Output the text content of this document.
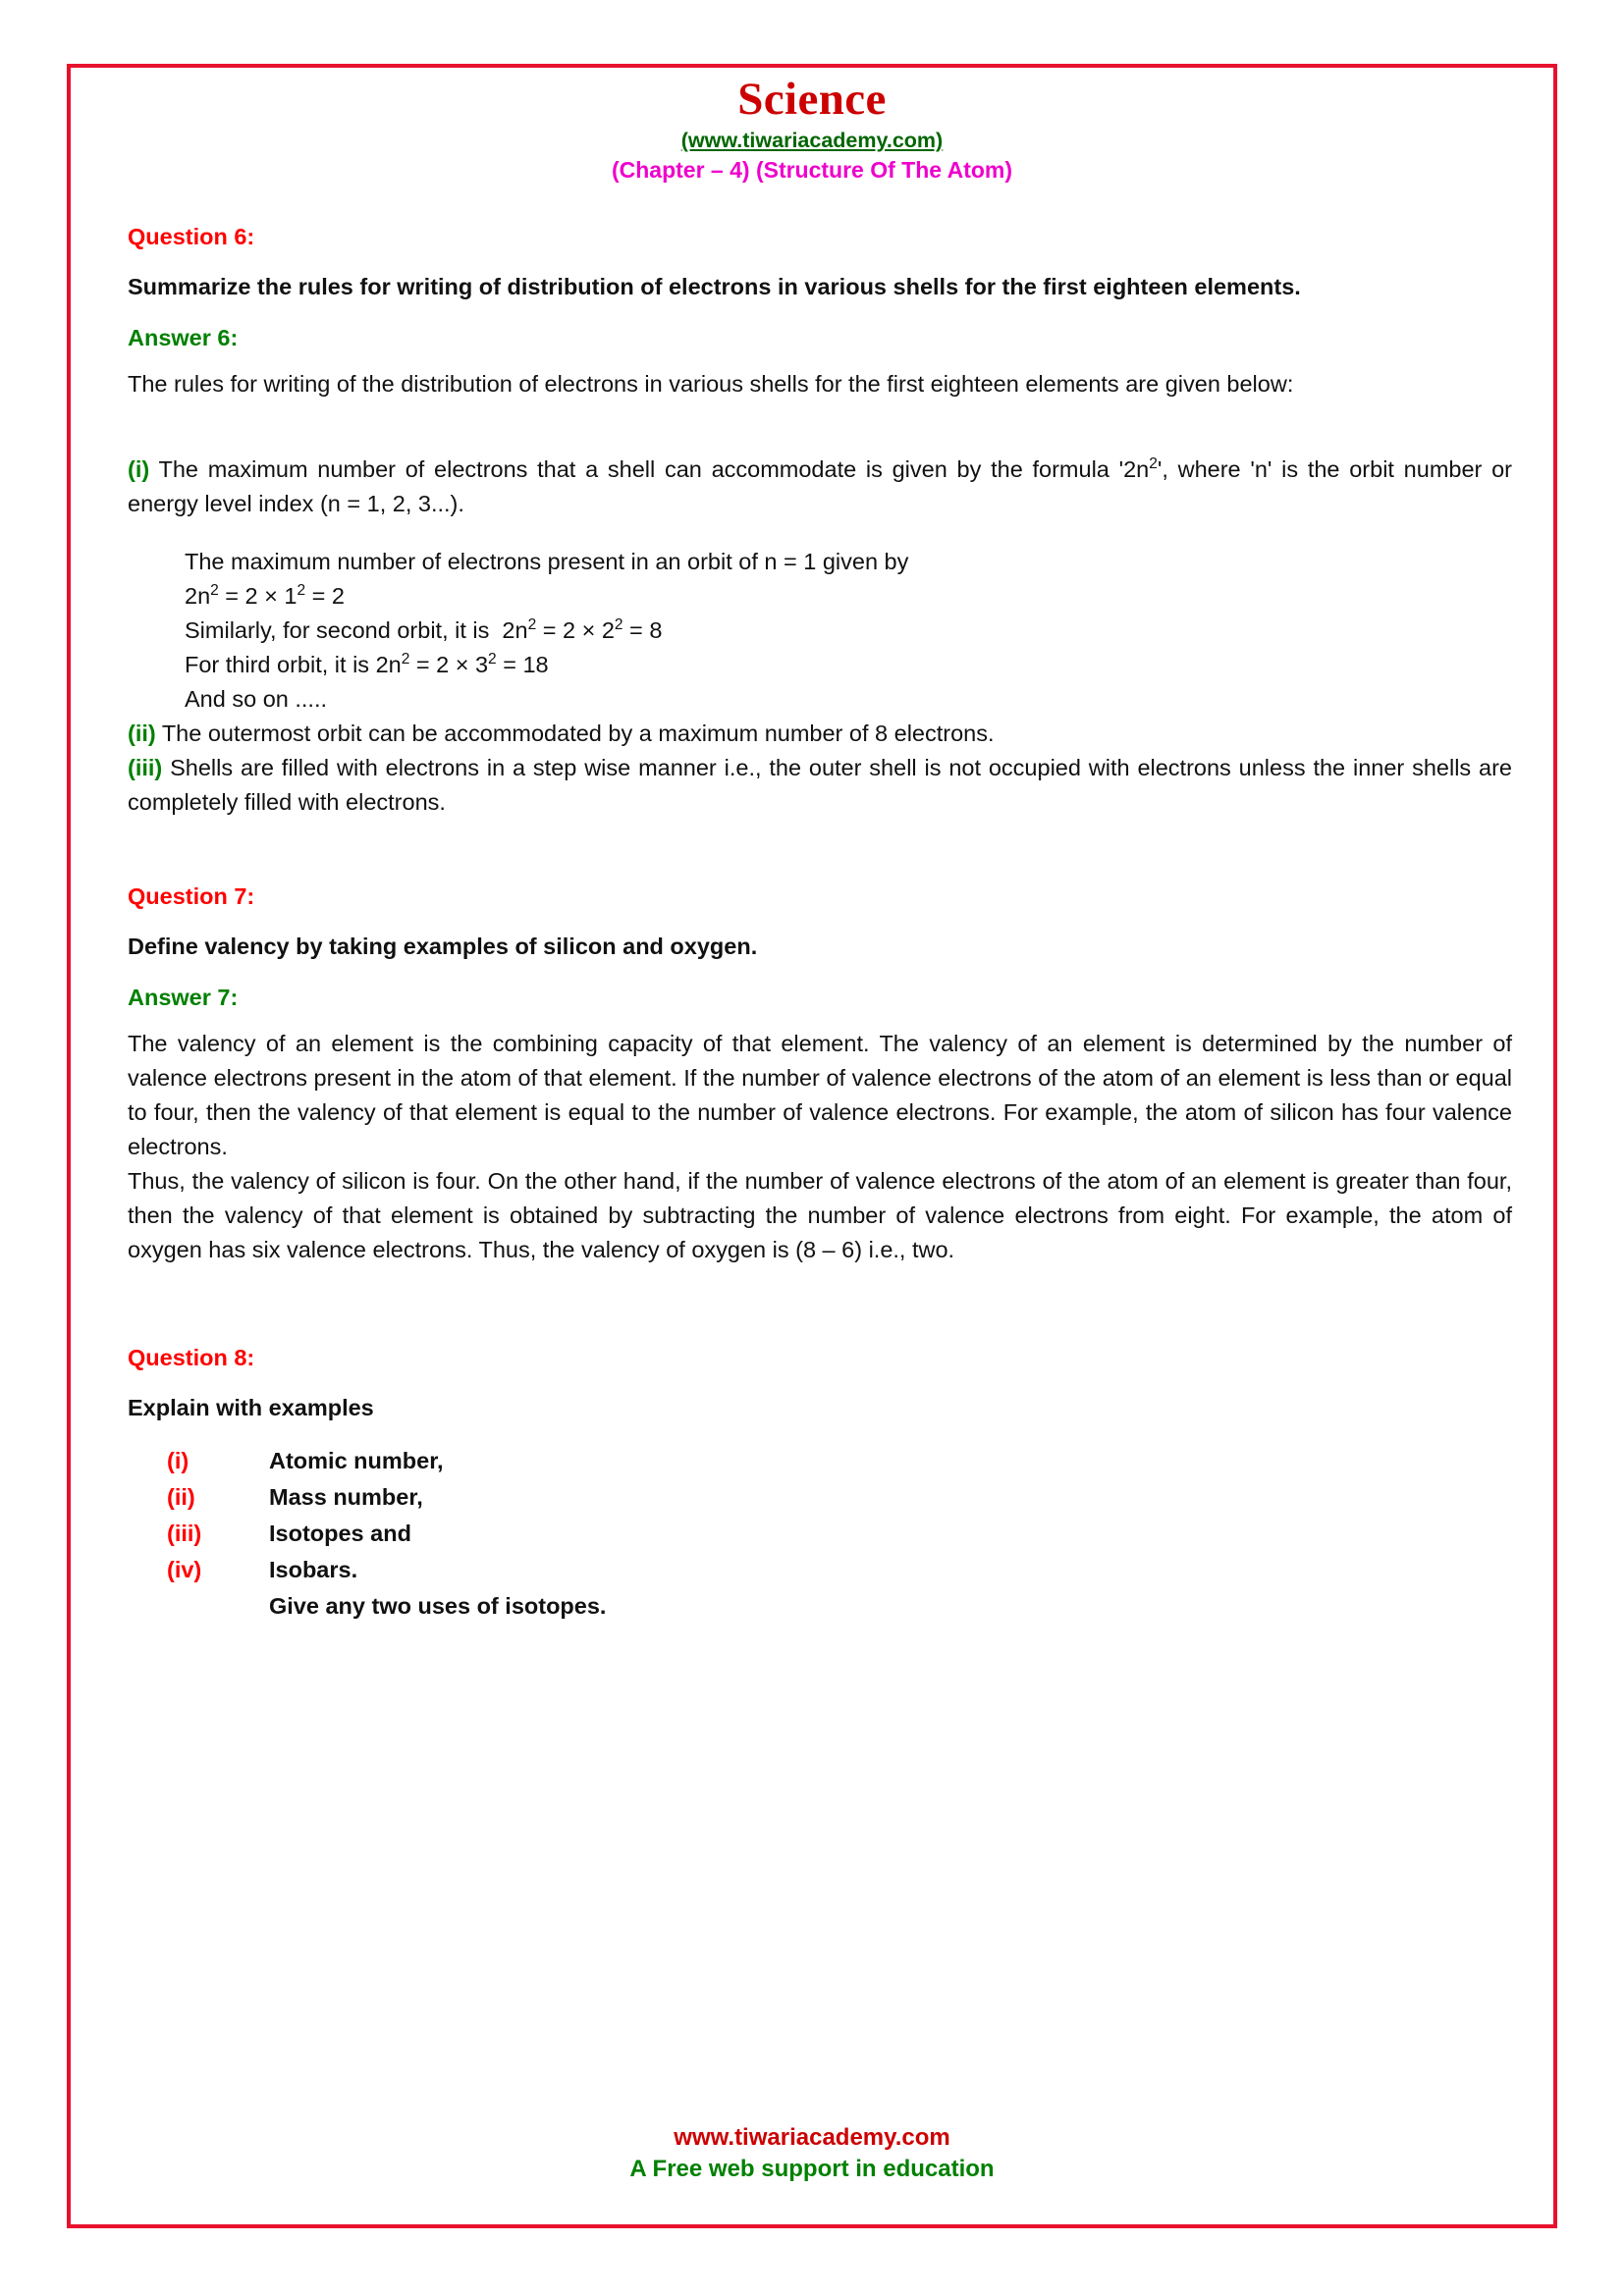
Science
(www.tiwariacademy.com)
(Chapter – 4) (Structure Of The Atom)
Question 6:
Summarize the rules for writing of distribution of electrons in various shells for the first eighteen elements.
Answer 6:
The rules for writing of the distribution of electrons in various shells for the first eighteen elements are given below:
(i) The maximum number of electrons that a shell can accommodate is given by the formula '$2n^2$', where 'n' is the orbit number or energy level index (n = 1, 2, 3...).
The maximum number of electrons present in an orbit of n = 1 given by
$2n^2 = 2 \times 1^2 = 2$
Similarly, for second orbit, it is  $2n^2 = 2 \times 2^2 = 8$
For third orbit, it is $2n^2 = 2 \times 3^2 = 18$
And so on .....
(ii) The outermost orbit can be accommodated by a maximum number of 8 electrons.
(iii) Shells are filled with electrons in a step wise manner i.e., the outer shell is not occupied with electrons unless the inner shells are completely filled with electrons.
Question 7:
Define valency by taking examples of silicon and oxygen.
Answer 7:
The valency of an element is the combining capacity of that element. The valency of an element is determined by the number of valence electrons present in the atom of that element. If the number of valence electrons of the atom of an element is less than or equal to four, then the valency of that element is equal to the number of valence electrons. For example, the atom of silicon has four valence electrons.
Thus, the valency of silicon is four. On the other hand, if the number of valence electrons of the atom of an element is greater than four, then the valency of that element is obtained by subtracting the number of valence electrons from eight. For example, the atom of oxygen has six valence electrons. Thus, the valency of oxygen is (8 – 6) i.e., two.
Question 8:
Explain with examples
(i)	Atomic number,
(ii)	Mass number,
(iii)	Isotopes and
(iv)	Isobars.
Give any two uses of isotopes.
www.tiwariacademy.com
A Free web support in education
